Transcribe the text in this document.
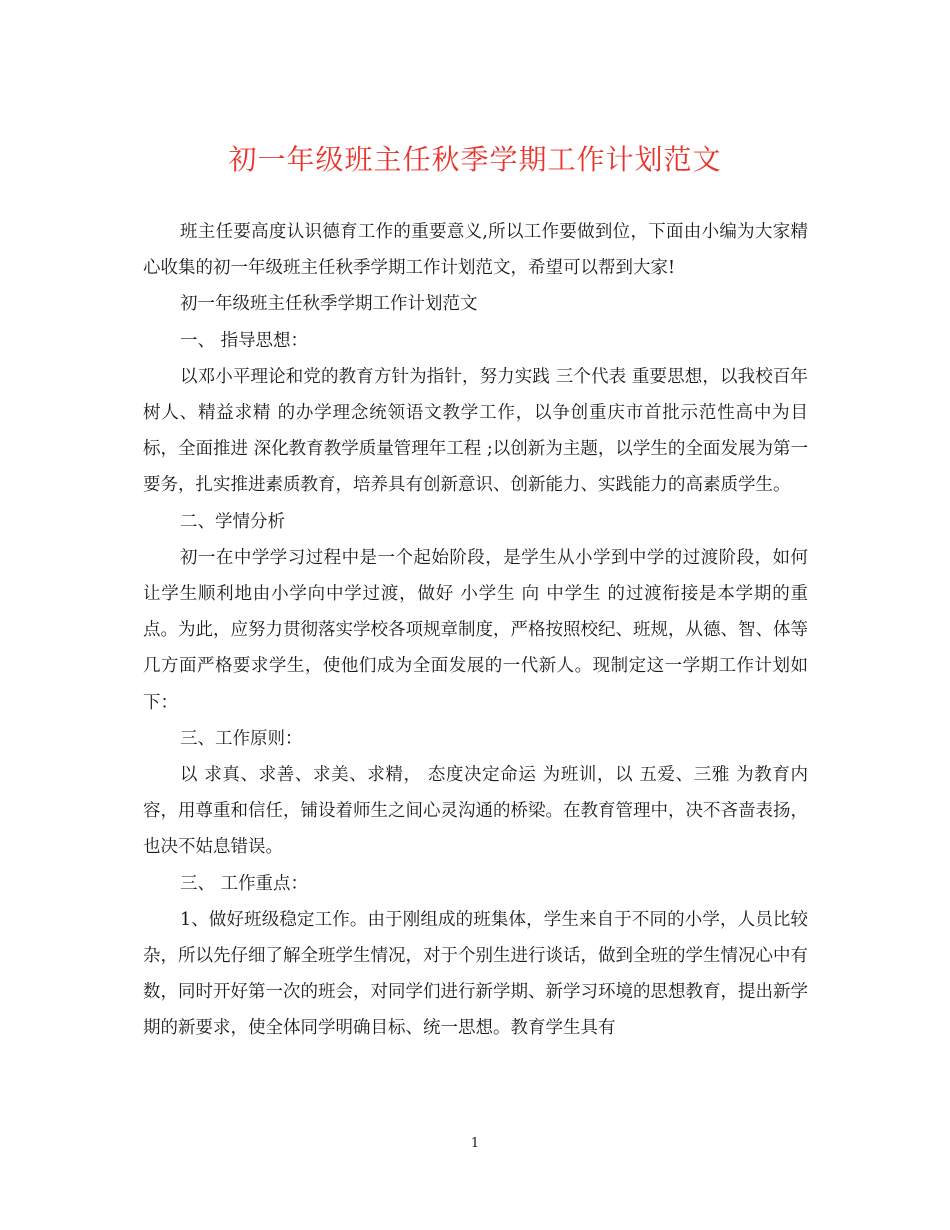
初一年级班主任秋季学期工作计划范文

班主任要高度认识德育工作的重要意义,所以工作要做到位，下面由小编为大家精心收集的初一年级班主任秋季学期工作计划范文，希望可以帮到大家!

初一年级班主任秋季学期工作计划范文

一、 指导思想：

以邓小平理论和党的教育方针为指针，努力实践 三个代表 重要思想，以我校百年树人、精益求精 的办学理念统领语文教学工作，以争创重庆市首批示范性高中为目标，全面推进 深化教育教学质量管理年工程 ;以创新为主题，以学生的全面发展为第一要务，扎实推进素质教育，培养具有创新意识、创新能力、实践能力的高素质学生。

二、学情分析

初一在中学学习过程中是一个起始阶段，是学生从小学到中学的过渡阶段，如何让学生顺利地由小学向中学过渡，做好 小学生 向 中学生 的过渡衔接是本学期的重点。为此，应努力贯彻落实学校各项规章制度，严格按照校纪、班规，从德、智、体等几方面严格要求学生，使他们成为全面发展的一代新人。现制定这一学期工作计划如下：

三、工作原则：

以 求真、求善、求美、求精， 态度决定命运 为班训，以 五爱、三雅 为教育内容，用尊重和信任，铺设着师生之间心灵沟通的桥梁。在教育管理中，决不吝啬表扬，也决不姑息错误。

三、 工作重点：

1、做好班级稳定工作。由于刚组成的班集体，学生来自于不同的小学，人员比较杂，所以先仔细了解全班学生情况，对于个别生进行谈话，做到全班的学生情况心中有数，同时开好第一次的班会，对同学们进行新学期、新学习环境的思想教育，提出新学期的新要求，使全体同学明确目标、统一思想。教育学生具有

1
